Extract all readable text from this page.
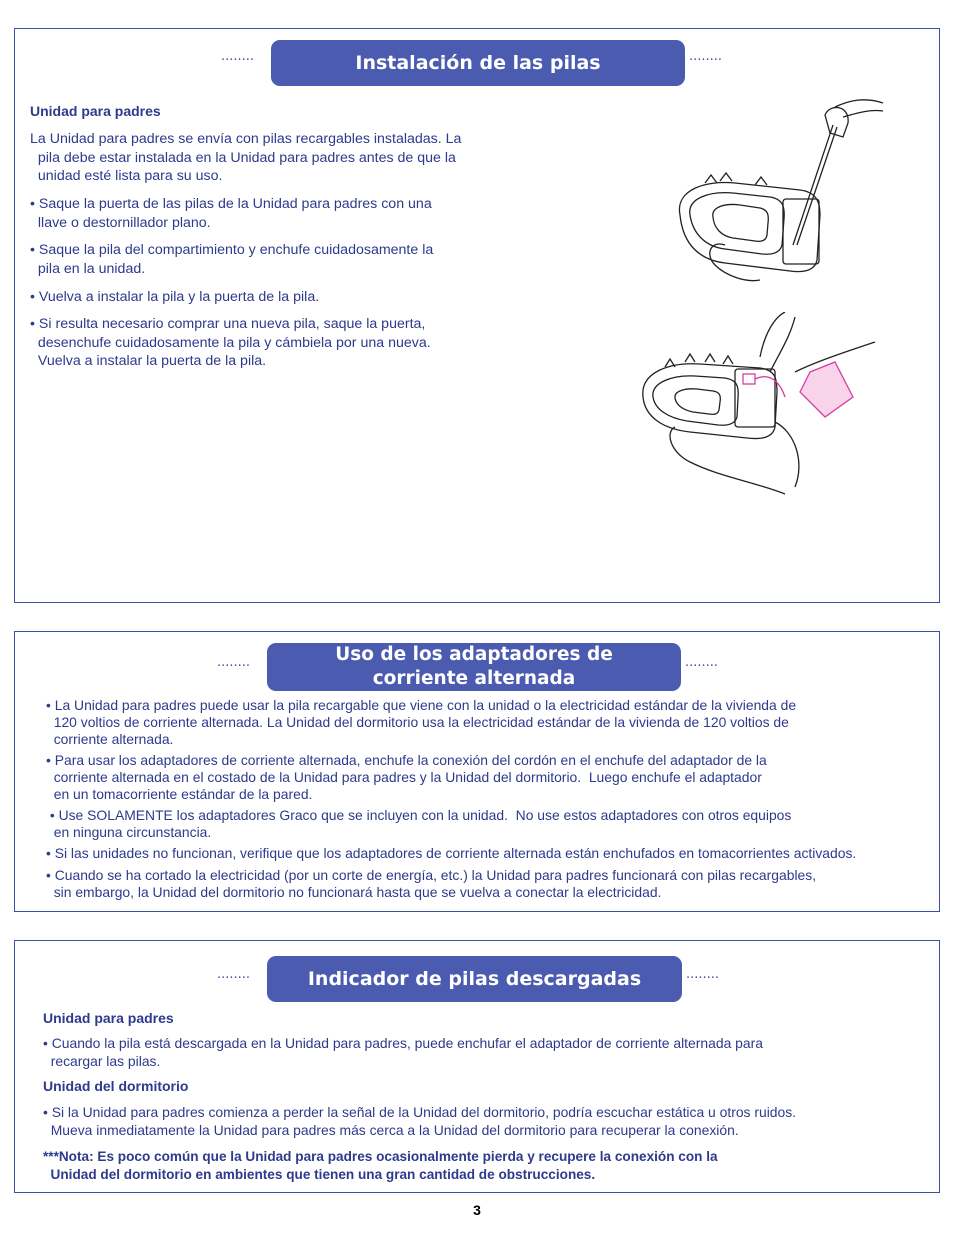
········	Instalación de las pilas	········

Unidad para padres

La Unidad para padres se envía con pilas recargables instaladas. La
pila debe estar instalada en la Unidad para padres antes de que la
unidad esté lista para su uso.

• Saque la puerta de las pilas de la Unidad para padres con una
llave o destornillador plano.

• Saque la pila del compartimiento y enchufe cuidadosamente la
pila en la unidad.

• Vuelva a instalar la pila y la puerta de la pila.

• Si resulta necesario comprar una nueva pila, saque la puerta,
desenchufe cuidadosamente la pila y cámbiela por una nueva.
Vuelva a instalar la puerta de la pila.

········
Uso de los adaptadores de
corriente alternada
········

• La Unidad para padres puede usar la pila recargable que viene con la unidad o la electricidad estándar de la vivienda de
120 voltios de corriente alternada. La Unidad del dormitorio usa la electricidad estándar de la vivienda de 120 voltios de
corriente alternada.

• Para usar los adaptadores de corriente alternada, enchufe la conexión del cordón en el enchufe del adaptador de la
corriente alternada en el costado de la Unidad para padres y la Unidad del dormitorio.  Luego enchufe el adaptador
en un tomacorriente estándar de la pared.

• Use SOLAMENTE los adaptadores Graco que se incluyen con la unidad.  No use estos adaptadores con otros equipos
en ninguna circunstancia.

• Si las unidades no funcionan, verifique que los adaptadores de corriente alternada están enchufados en tomacorrientes activados.

• Cuando se ha cortado la electricidad (por un corte de energía, etc.) la Unidad para padres funcionará con pilas recargables,
sin embargo, la Unidad del dormitorio no funcionará hasta que se vuelva a conectar la electricidad.

········	Indicador de pilas descargadas	········

Unidad para padres

• Cuando la pila está descargada en la Unidad para padres, puede enchufar el adaptador de corriente alternada para
recargar las pilas.

Unidad del dormitorio

• Si la Unidad para padres comienza a perder la señal de la Unidad del dormitorio, podría escuchar estática u otros ruidos.
Mueva inmediatamente la Unidad para padres más cerca a la Unidad del dormitorio para recuperar la conexión.

***Nota: Es poco común que la Unidad para padres ocasionalmente pierda y recupere la conexión con la
Unidad del dormitorio en ambientes que tienen una gran cantidad de obstrucciones.

3
